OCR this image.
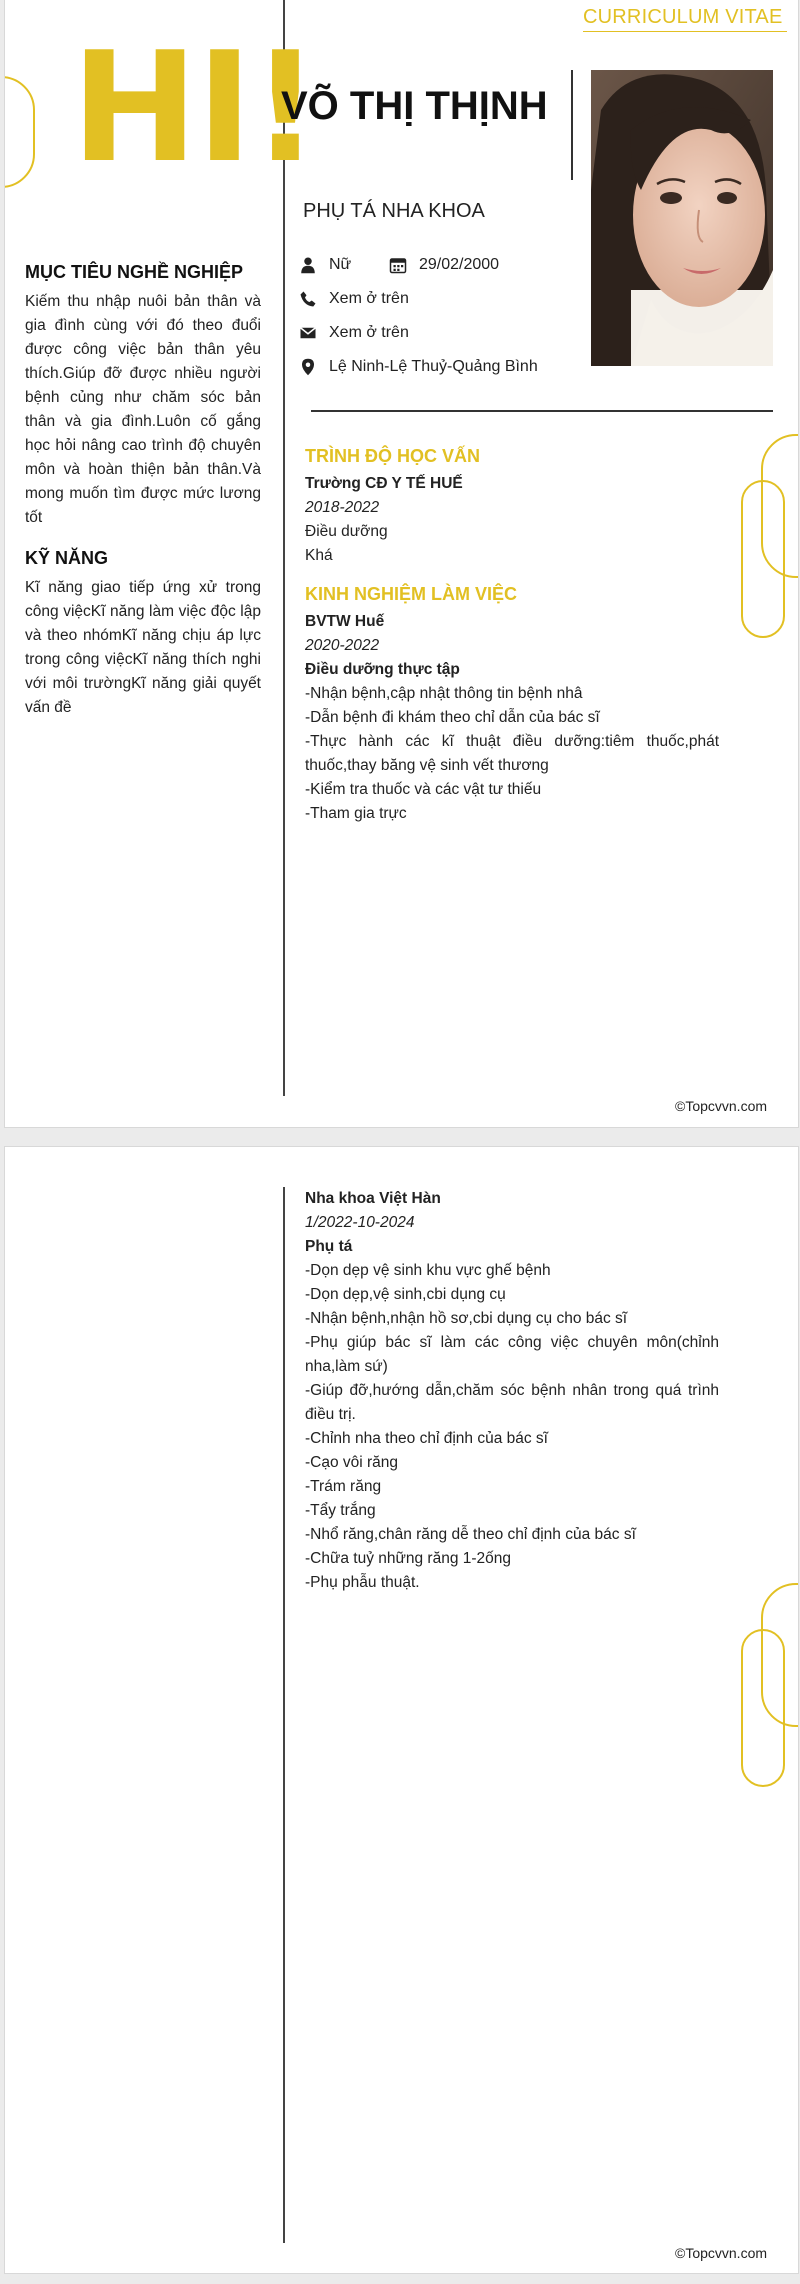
CURRICULUM VITAE
HI!
VÕ THỊ THỊNH
PHỤ TÁ NHA KHOA
Nữ	29/02/2000
Xem ở trên
Xem ở trên
Lệ Ninh-Lệ Thuỷ-Quảng Bình
MỤC TIÊU NGHỀ NGHIỆP
Kiếm thu nhập nuôi bản thân và gia đình cùng với đó theo đuổi được công việc bản thân yêu thích.Giúp đỡ được nhiều người bệnh củng như chăm sóc bản thân và gia đình.Luôn cố gắng học hỏi nâng cao trình độ chuyên môn và hoàn thiện bản thân.Và mong muốn tìm được mức lương tốt
KỸ NĂNG
Kĩ năng giao tiếp ứng xử trong công việcKĩ năng làm việc độc lập và theo nhómKĩ năng chịu áp lực trong công việcKĩ năng thích nghi với môi trườngKĩ năng giải quyết vấn đề
TRÌNH ĐỘ HỌC VẤN
Trường CĐ Y TẾ HUẾ
2018-2022
Điều dưỡng
Khá
KINH NGHIỆM LÀM VIỆC
BVTW Huế
2020-2022
Điều dưỡng thực tập
-Nhận bệnh,cập nhật thông tin bệnh nhâ
-Dẫn bệnh đi khám theo chỉ dẫn của bác sĩ
-Thực hành các kĩ thuật điều dưỡng:tiêm thuốc,phát thuốc,thay băng vệ sinh vết thương
-Kiểm tra thuốc và các vật tư thiếu
-Tham gia trực
©Topcvvn.com
Nha khoa Việt Hàn
1/2022-10-2024
Phụ tá
-Dọn dẹp vệ sinh khu vực ghế bệnh
-Dọn dẹp,vệ sinh,cbi dụng cụ
-Nhận bệnh,nhận hồ sơ,cbi dụng cụ cho bác sĩ
-Phụ giúp bác sĩ làm các công việc chuyên môn(chỉnh nha,làm sứ)
-Giúp đỡ,hướng dẫn,chăm sóc bệnh nhân trong quá trình điều trị.
-Chỉnh nha theo chỉ định của bác sĩ
-Cạo vôi răng
-Trám răng
-Tẩy trắng
-Nhổ răng,chân răng dễ theo chỉ định của bác sĩ
-Chữa tuỷ những răng 1-2ống
-Phụ phẫu thuật.
©Topcvvn.com
